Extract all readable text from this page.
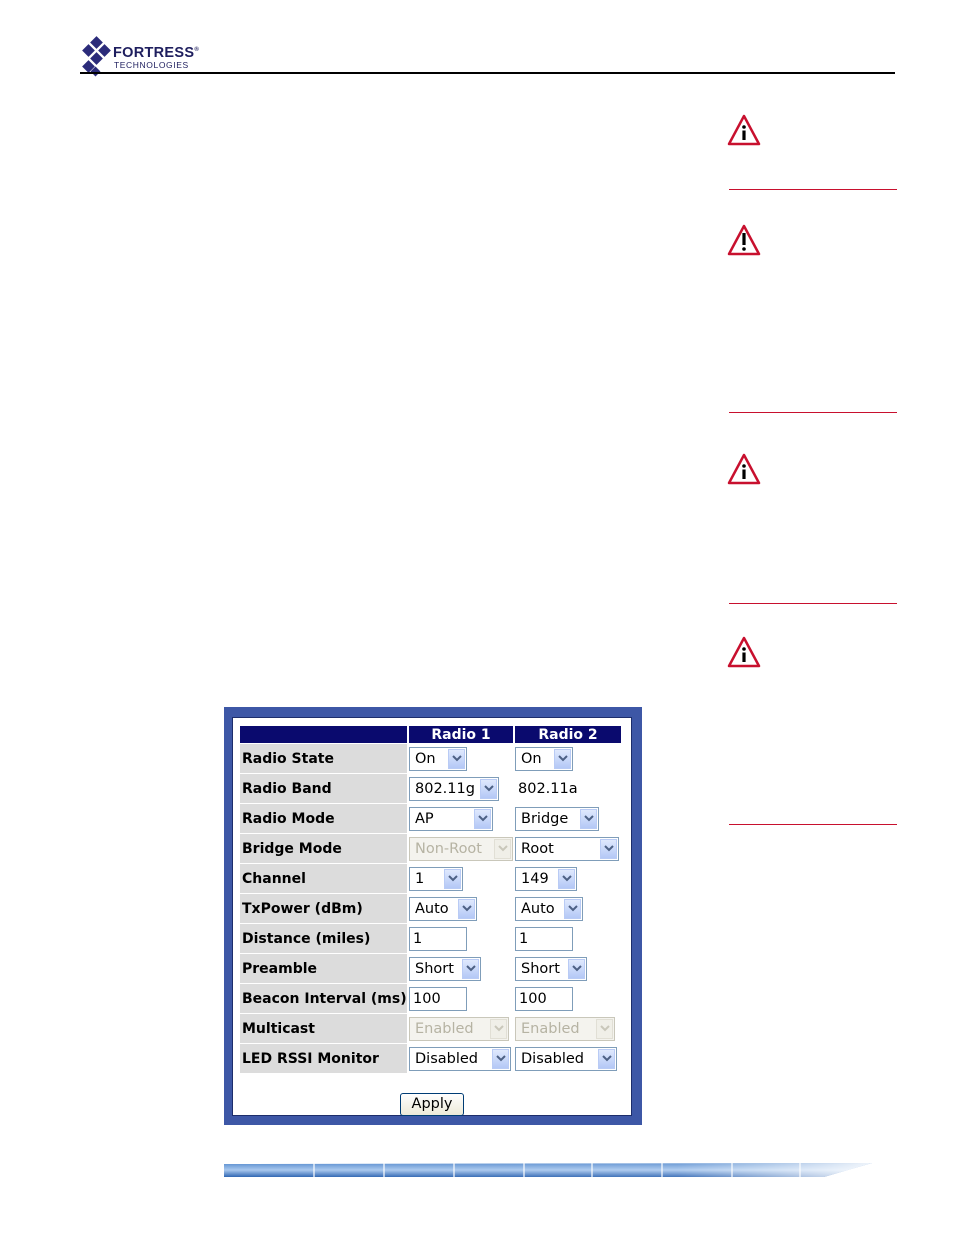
FORTRESS®
TECHNOLOGIES
	Radio 1	Radio 2
Radio State	On	On

Radio Band	802.11g	802.11a
Radio Mode	AP	Bridge

Bridge Mode	Non-Root	Root

Channel	1	149

TxPower (dBm)	Auto	Auto

Distance (miles)	1	1
Preamble	Short	Short

Beacon Interval (ms)	100	100
Multicast	Enabled	Enabled

LED RSSI Monitor	Disabled	Disabled
Apply
